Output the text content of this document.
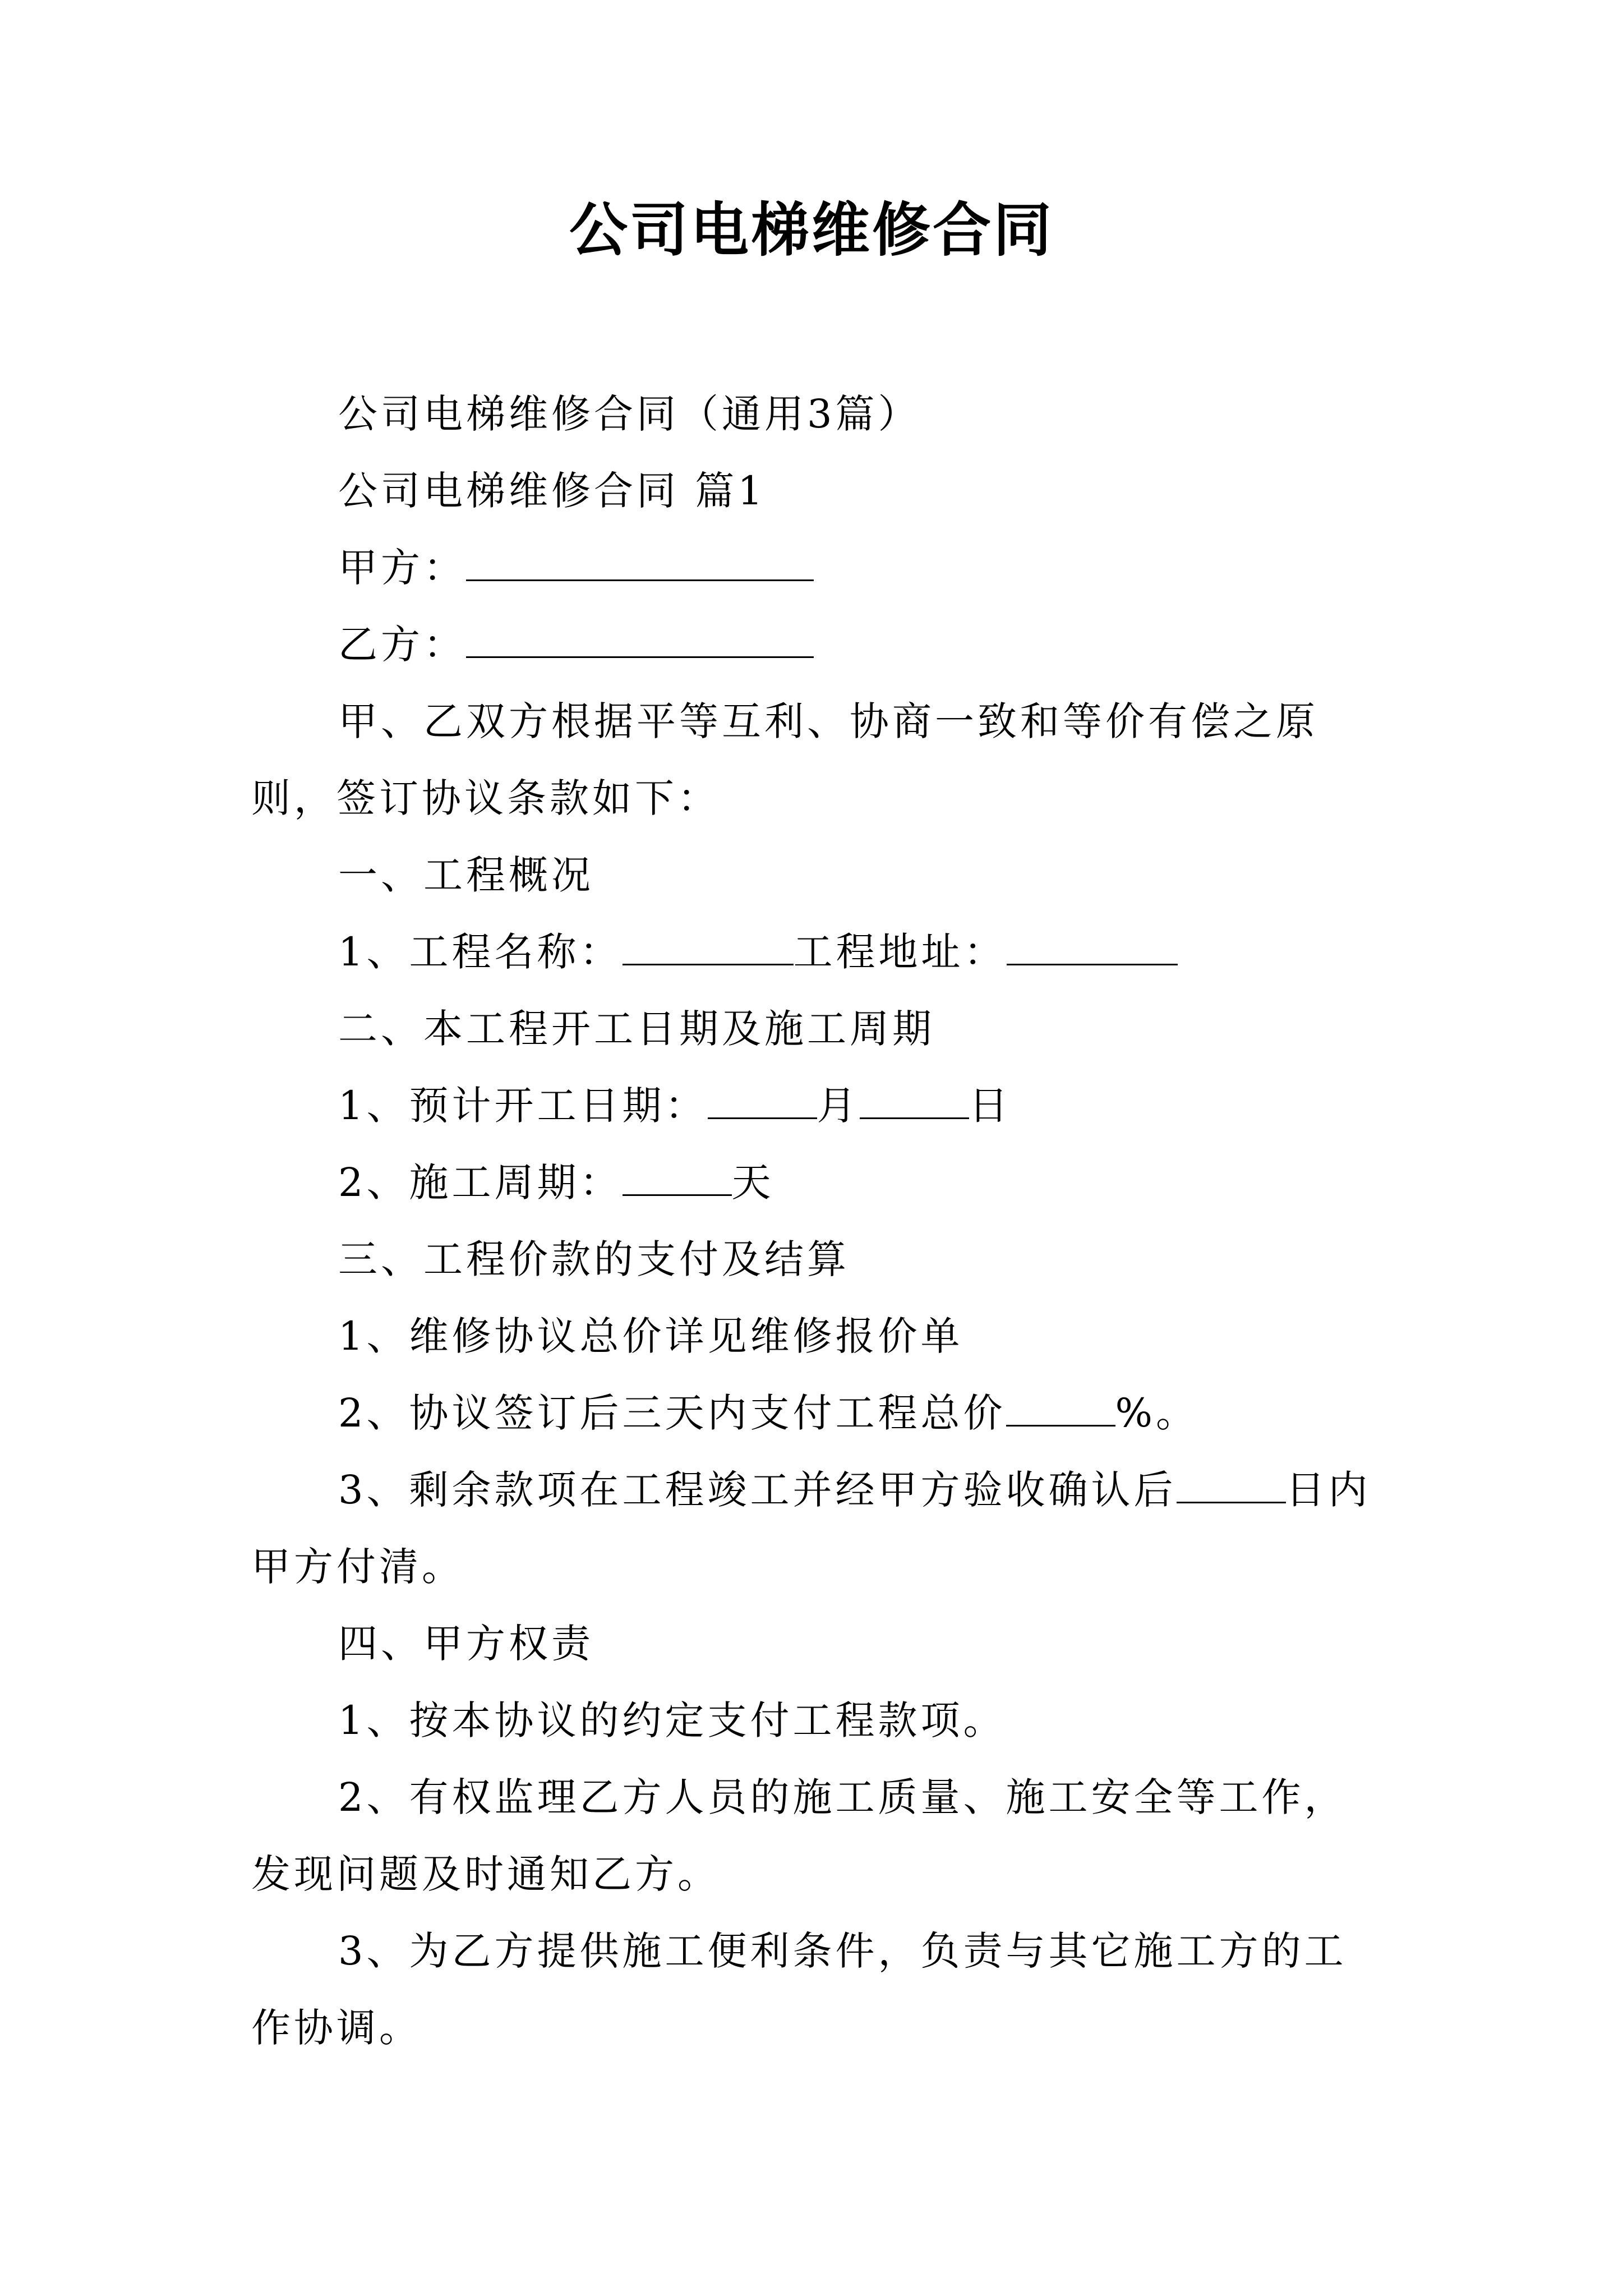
公司电梯维修合同

公司电梯维修合同（通用3篇）

公司电梯维修合同 篇1

甲方：

乙方：

甲、乙双方根据平等互利、协商一致和等价有偿之原则，签订协议条款如下：

一、工程概况

1、工程名称：	工程地址：

二、本工程开工日期及施工周期

1、预计开工日期：	月	日

2、施工周期：	天

三、工程价款的支付及结算

1、维修协议总价详见维修报价单

2、协议签订后三天内支付工程总价	%。

3、剩余款项在工程竣工并经甲方验收确认后	日内甲方付清。

四、甲方权责

1、按本协议的约定支付工程款项。

2、有权监理乙方人员的施工质量、施工安全等工作，发现问题及时通知乙方。

3、为乙方提供施工便利条件，负责与其它施工方的工作协调。
